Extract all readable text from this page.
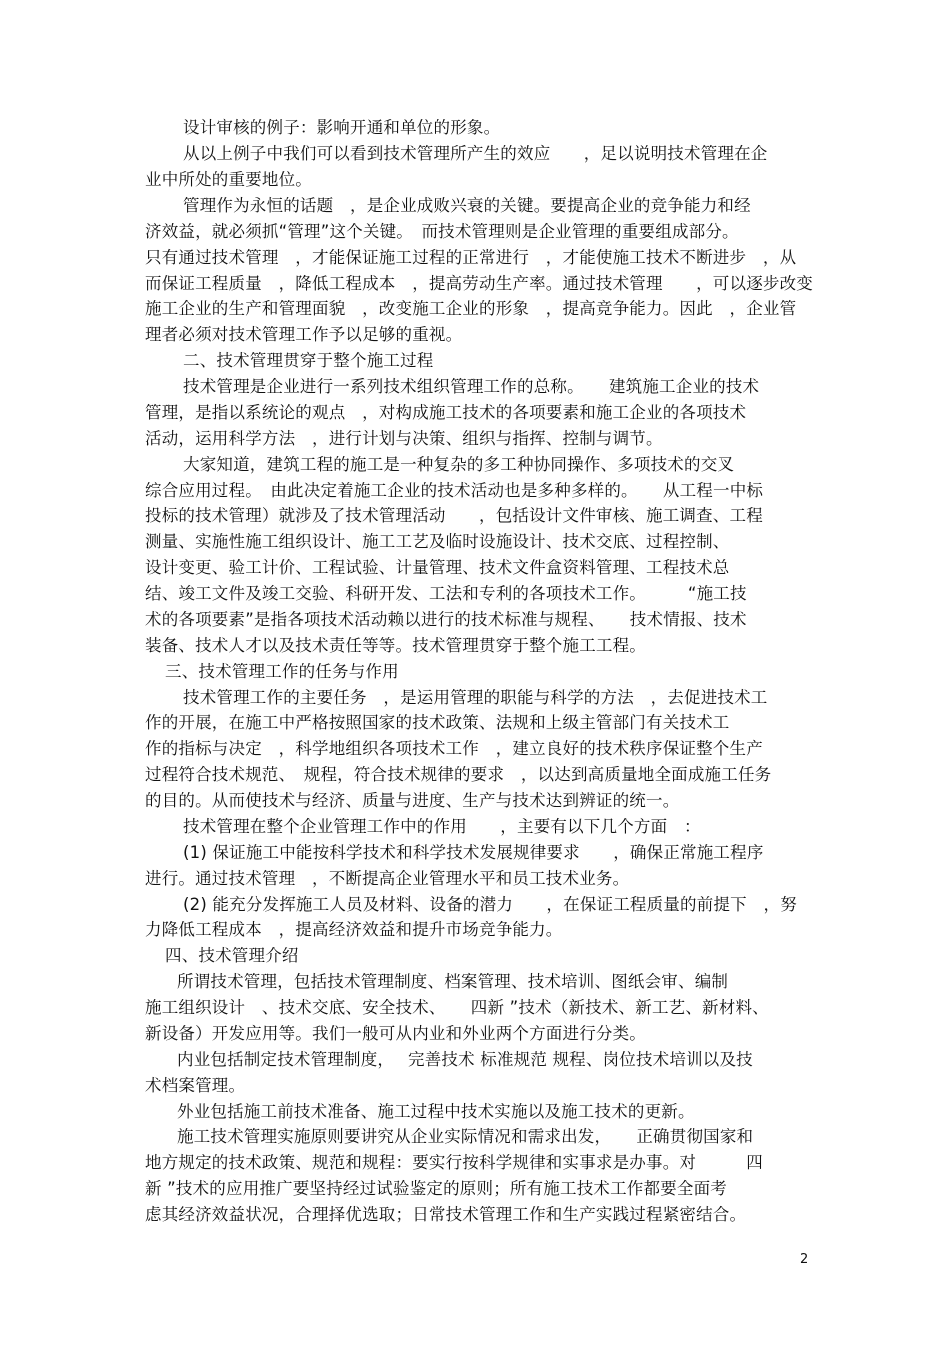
设计审核的例子：影响开通和单位的形象。
从以上例子中我们可以看到技术管理所产生的效应　　，足以说明技术管理在企
业中所处的重要地位。
管理作为永恒的话题　，是企业成败兴衰的关键。要提高企业的竞争能力和经
济效益，就必须抓“管理”这个关键。　而技术管理则是企业管理的重要组成部分。
只有通过技术管理　，才能保证施工过程的正常进行　，才能使施工技术不断进步　，从
而保证工程质量　，降低工程成本　，提高劳动生产率。通过技术管理　　，可以逐步改变
施工企业的生产和管理面貌　，改变施工企业的形象　，提高竞争能力。因此　，企业管
理者必须对技术管理工作予以足够的重视。
二、技术管理贯穿于整个施工过程
技术管理是企业进行一系列技术组织管理工作的总称。　　建筑施工企业的技术
管理，是指以系统论的观点　，对构成施工技术的各项要素和施工企业的各项技术
活动，运用科学方法　，进行计划与决策、组织与指挥、控制与调节。
大家知道，建筑工程的施工是一种复杂的多工种协同操作、多项技术的交叉
综合应用过程。　由此决定着施工企业的技术活动也是多种多样的。　　从工程一中标
投标的技术管理）就涉及了技术管理活动　　，包括设计文件审核、施工调查、工程
测量、实施性施工组织设计、施工工艺及临时设施设计、技术交底、过程控制、
设计变更、验工计价、工程试验、计量管理、技术文件盒资料管理、工程技术总
结、竣工文件及竣工交验、科研开发、工法和专利的各项技术工作。　　　“施工技
术的各项要素”是指各项技术活动赖以进行的技术标准与规程、　　技术情报、技术
装备、技术人才以及技术责任等等。技术管理贯穿于整个施工工程。
三、技术管理工作的任务与作用
技术管理工作的主要任务　，是运用管理的职能与科学的方法　，去促进技术工
作的开展，在施工中严格按照国家的技术政策、法规和上级主管部门有关技术工
作的指标与决定　，科学地组织各项技术工作　，建立良好的技术秩序保证整个生产
过程符合技术规范、　规程，符合技术规律的要求　，以达到高质量地全面成施工任务
的目的。从而使技术与经济、质量与进度、生产与技术达到辨证的统一。
技术管理在整个企业管理工作中的作用　　，主要有以下几个方面　：
(1) 保证施工中能按科学技术和科学技术发展规律要求　　，确保正常施工程序
进行。通过技术管理　，不断提高企业管理水平和员工技术业务。
(2) 能充分发挥施工人员及材料、设备的潜力　　，在保证工程质量的前提下　，努
力降低工程成本　，提高经济效益和提升市场竞争能力。
四、技术管理介绍
所谓技术管理，包括技术管理制度、档案管理、技术培训、图纸会审、编制
施工组织设计　、技术交底、安全技术、　　四新 ”技术（新技术、新工艺、新材料、
新设备）开发应用等。我们一般可从内业和外业两个方面进行分类。
内业包括制定技术管理制度，　 完善技术 标准规范 规程、岗位技术培训以及技
术档案管理。
外业包括施工前技术准备、施工过程中技术实施以及施工技术的更新。
施工技术管理实施原则要讲究从企业实际情况和需求出发，　　正确贯彻国家和
地方规定的技术政策、规范和规程：要实行按科学规律和实事求是办事。对　　　四
新 ”技术的应用推广要坚持经过试验鉴定的原则；所有施工技术工作都要全面考
虑其经济效益状况，合理择优选取；日常技术管理工作和生产实践过程紧密结合。
2
